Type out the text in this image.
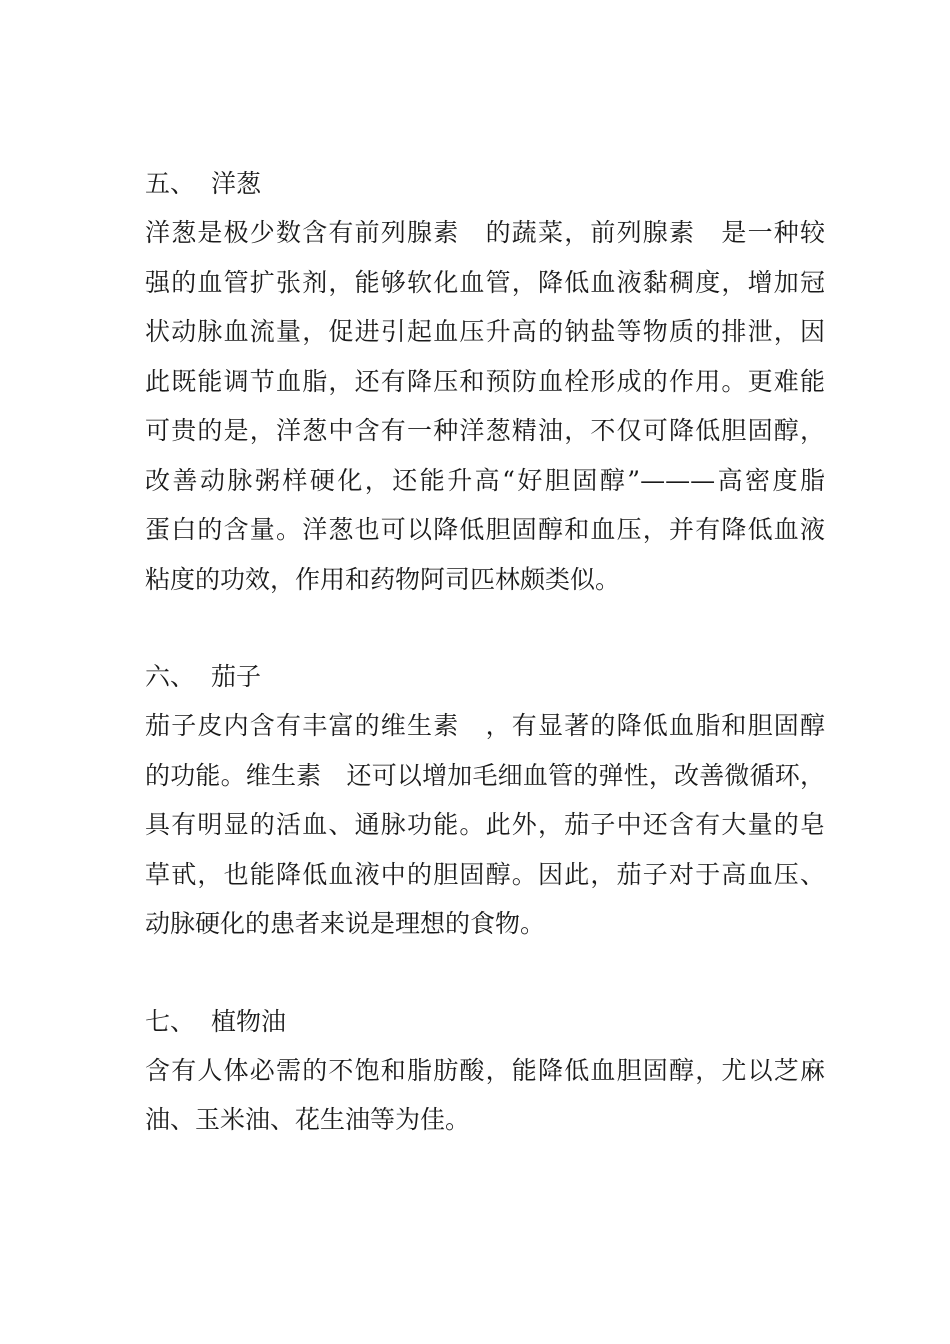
五、 洋葱

洋葱是极少数含有前列腺素　的蔬菜，前列腺素　是一种较
强的血管扩张剂，能够软化血管，降低血液黏稠度，增加冠
状动脉血流量，促进引起血压升高的钠盐等物质的排泄，因
此既能调节血脂，还有降压和预防血栓形成的作用。更难能
可贵的是，洋葱中含有一种洋葱精油，不仅可降低胆固醇，
改善动脉粥样硬化，还能升高“好胆固醇”———高密度脂
蛋白的含量。洋葱也可以降低胆固醇和血压，并有降低血液
粘度的功效，作用和药物阿司匹林颇类似。

六、 茄子

茄子皮内含有丰富的维生素　，有显著的降低血脂和胆固醇
的功能。维生素　还可以增加毛细血管的弹性，改善微循环，
具有明显的活血、通脉功能。此外，茄子中还含有大量的皂
草甙，也能降低血液中的胆固醇。因此，茄子对于高血压、
动脉硬化的患者来说是理想的食物。

七、 植物油

含有人体必需的不饱和脂肪酸，能降低血胆固醇，尤以芝麻
油、玉米油、花生油等为佳。
